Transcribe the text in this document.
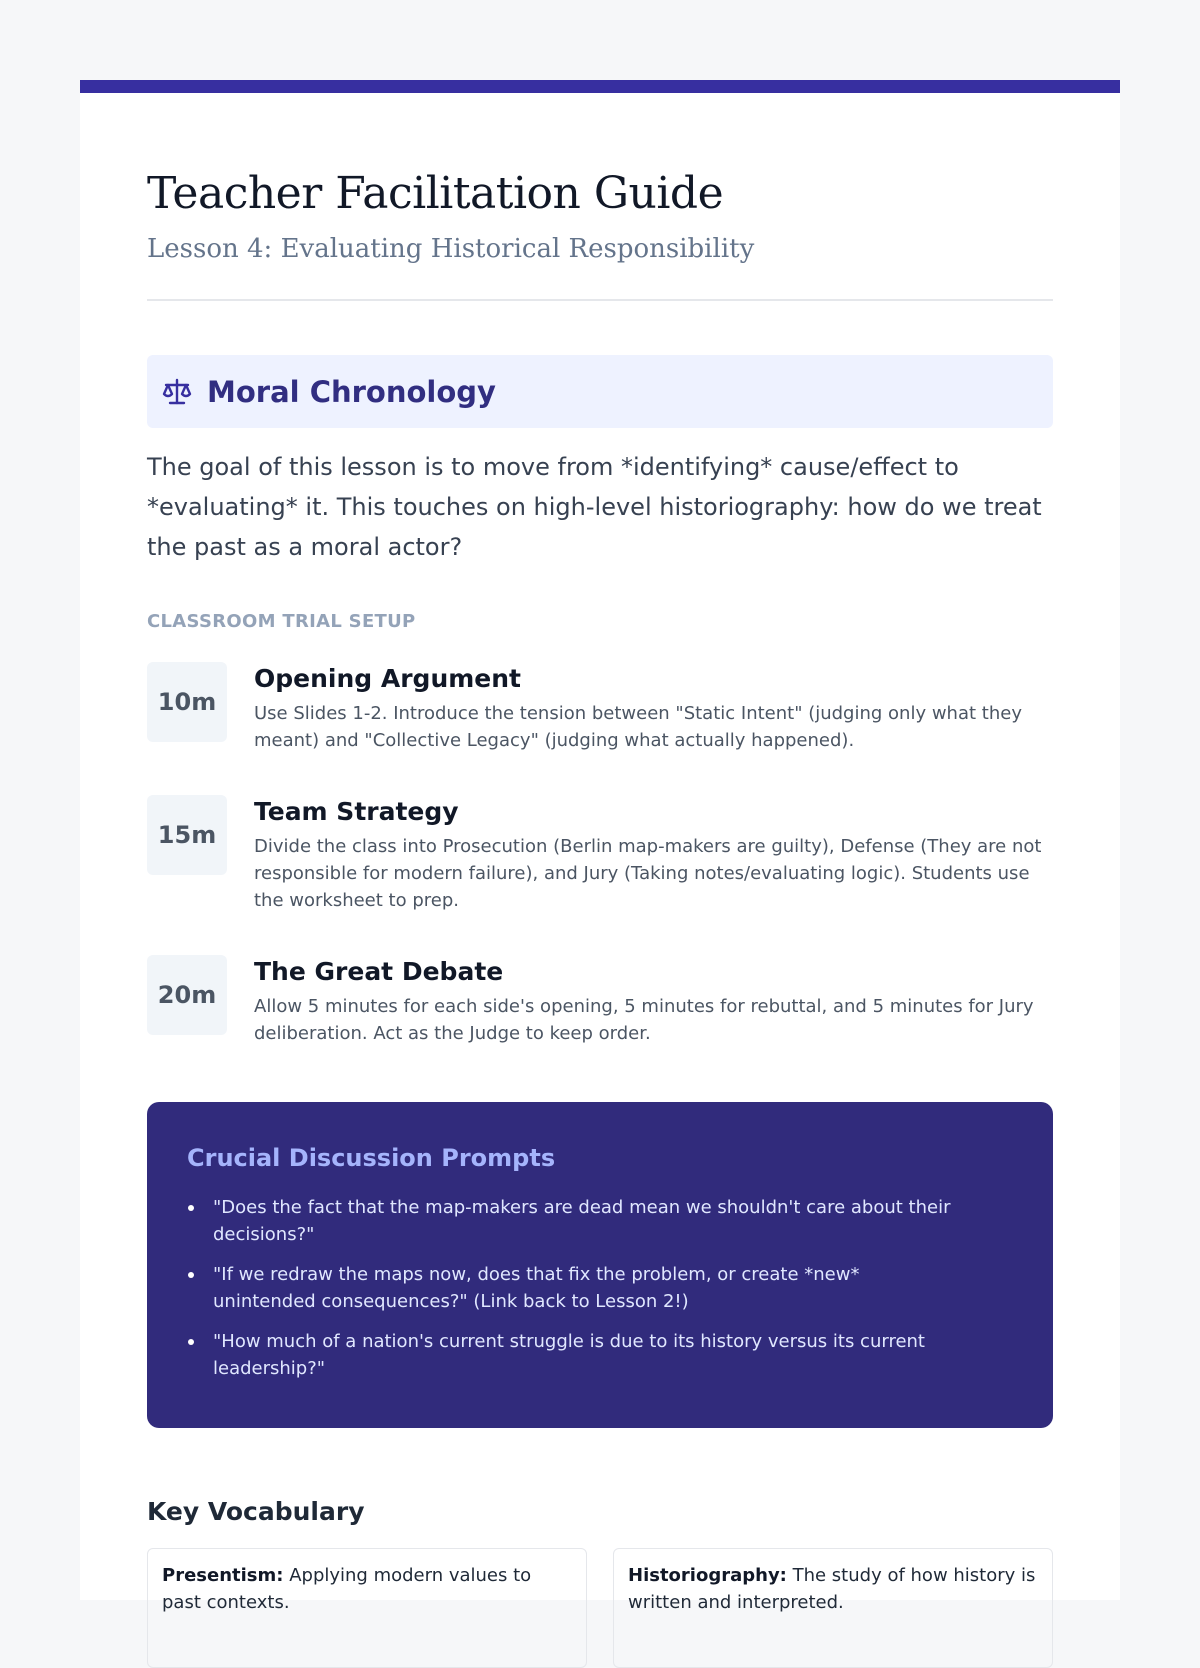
Teacher Facilitation Guide
Lesson 4: Evaluating Historical Responsibility
Moral Chronology

The goal of this lesson is to move from *identifying* cause/effect to *evaluating* it. This touches on high-level historiography: how do we treat the past as a moral actor?

CLASSROOM TRIAL SETUP
10m
Opening Argument

Use Slides 1-2. Introduce the tension between "Static Intent" (judging only what they meant) and "Collective Legacy" (judging what actually happened).

15m
Team Strategy

Divide the class into Prosecution (Berlin map-makers are guilty), Defense (They are not responsible for modern failure), and Jury (Taking notes/evaluating logic). Students use the worksheet to prep.

20m
The Great Debate

Allow 5 minutes for each side's opening, 5 minutes for rebuttal, and 5 minutes for Jury deliberation. Act as the Judge to keep order.

Crucial Discussion Prompts
"Does the fact that the map-makers are dead mean we shouldn't care about their decisions?"
"If we redraw the maps now, does that fix the problem, or create *new* unintended consequences?" (Link back to Lesson 2!)
"How much of a nation's current struggle is due to its history versus its current leadership?"
Key Vocabulary
Presentism: Applying modern values to past contexts.
Historiography: The study of how history is written and interpreted.
